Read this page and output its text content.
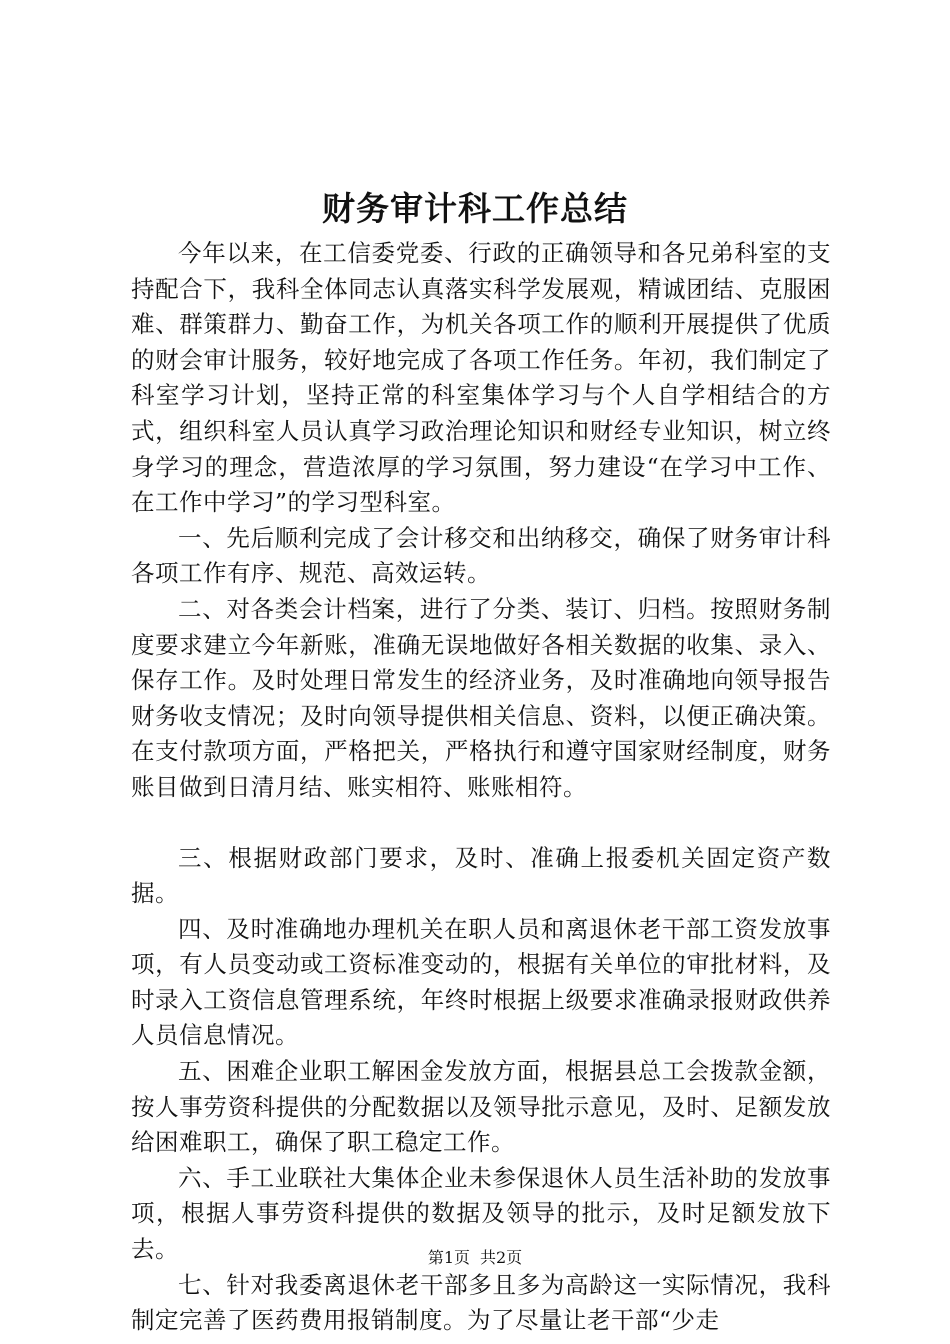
财务审计科工作总结

今年以来，在工信委党委、行政的正确领导和各兄弟科室的支持配合下，我科全体同志认真落实科学发展观，精诚团结、克服困难、群策群力、勤奋工作，为机关各项工作的顺利开展提供了优质的财会审计服务，较好地完成了各项工作任务。年初，我们制定了科室学习计划，坚持正常的科室集体学习与个人自学相结合的方式，组织科室人员认真学习政治理论知识和财经专业知识，树立终身学习的理念，营造浓厚的学习氛围，努力建设“在学习中工作、在工作中学习”的学习型科室。

一、先后顺利完成了会计移交和出纳移交，确保了财务审计科各项工作有序、规范、高效运转。

二、对各类会计档案，进行了分类、装订、归档。按照财务制度要求建立今年新账，准确无误地做好各相关数据的收集、录入、保存工作。及时处理日常发生的经济业务，及时准确地向领导报告财务收支情况；及时向领导提供相关信息、资料，以便正确决策。在支付款项方面，严格把关，严格执行和遵守国家财经制度，财务账目做到日清月结、账实相符、账账相符。

三、根据财政部门要求，及时、准确上报委机关固定资产数据。

四、及时准确地办理机关在职人员和离退休老干部工资发放事项，有人员变动或工资标准变动的，根据有关单位的审批材料，及时录入工资信息管理系统，年终时根据上级要求准确录报财政供养人员信息情况。

五、困难企业职工解困金发放方面，根据县总工会拨款金额，按人事劳资科提供的分配数据以及领导批示意见，及时、足额发放给困难职工，确保了职工稳定工作。

六、手工业联社大集体企业未参保退休人员生活补助的发放事项，根据人事劳资科提供的数据及领导的批示，及时足额发放下去。

七、针对我委离退休老干部多且多为高龄这一实际情况，我科制定完善了医药费用报销制度。为了尽量让老干部“少走

第1页 共2页
